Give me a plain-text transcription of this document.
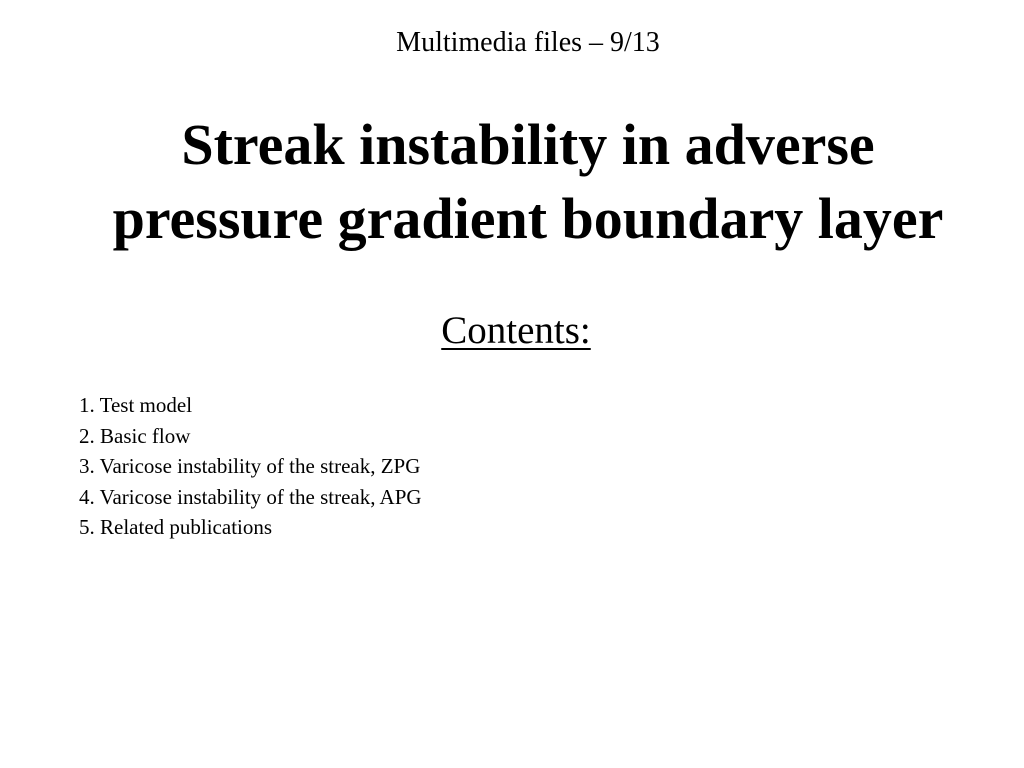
Multimedia files – 9/13
Streak instability in adverse
pressure gradient boundary layer
Contents:
1. Test model
2. Basic flow
3. Varicose instability of the streak, ZPG
4. Varicose instability of the streak, APG
5. Related publications
